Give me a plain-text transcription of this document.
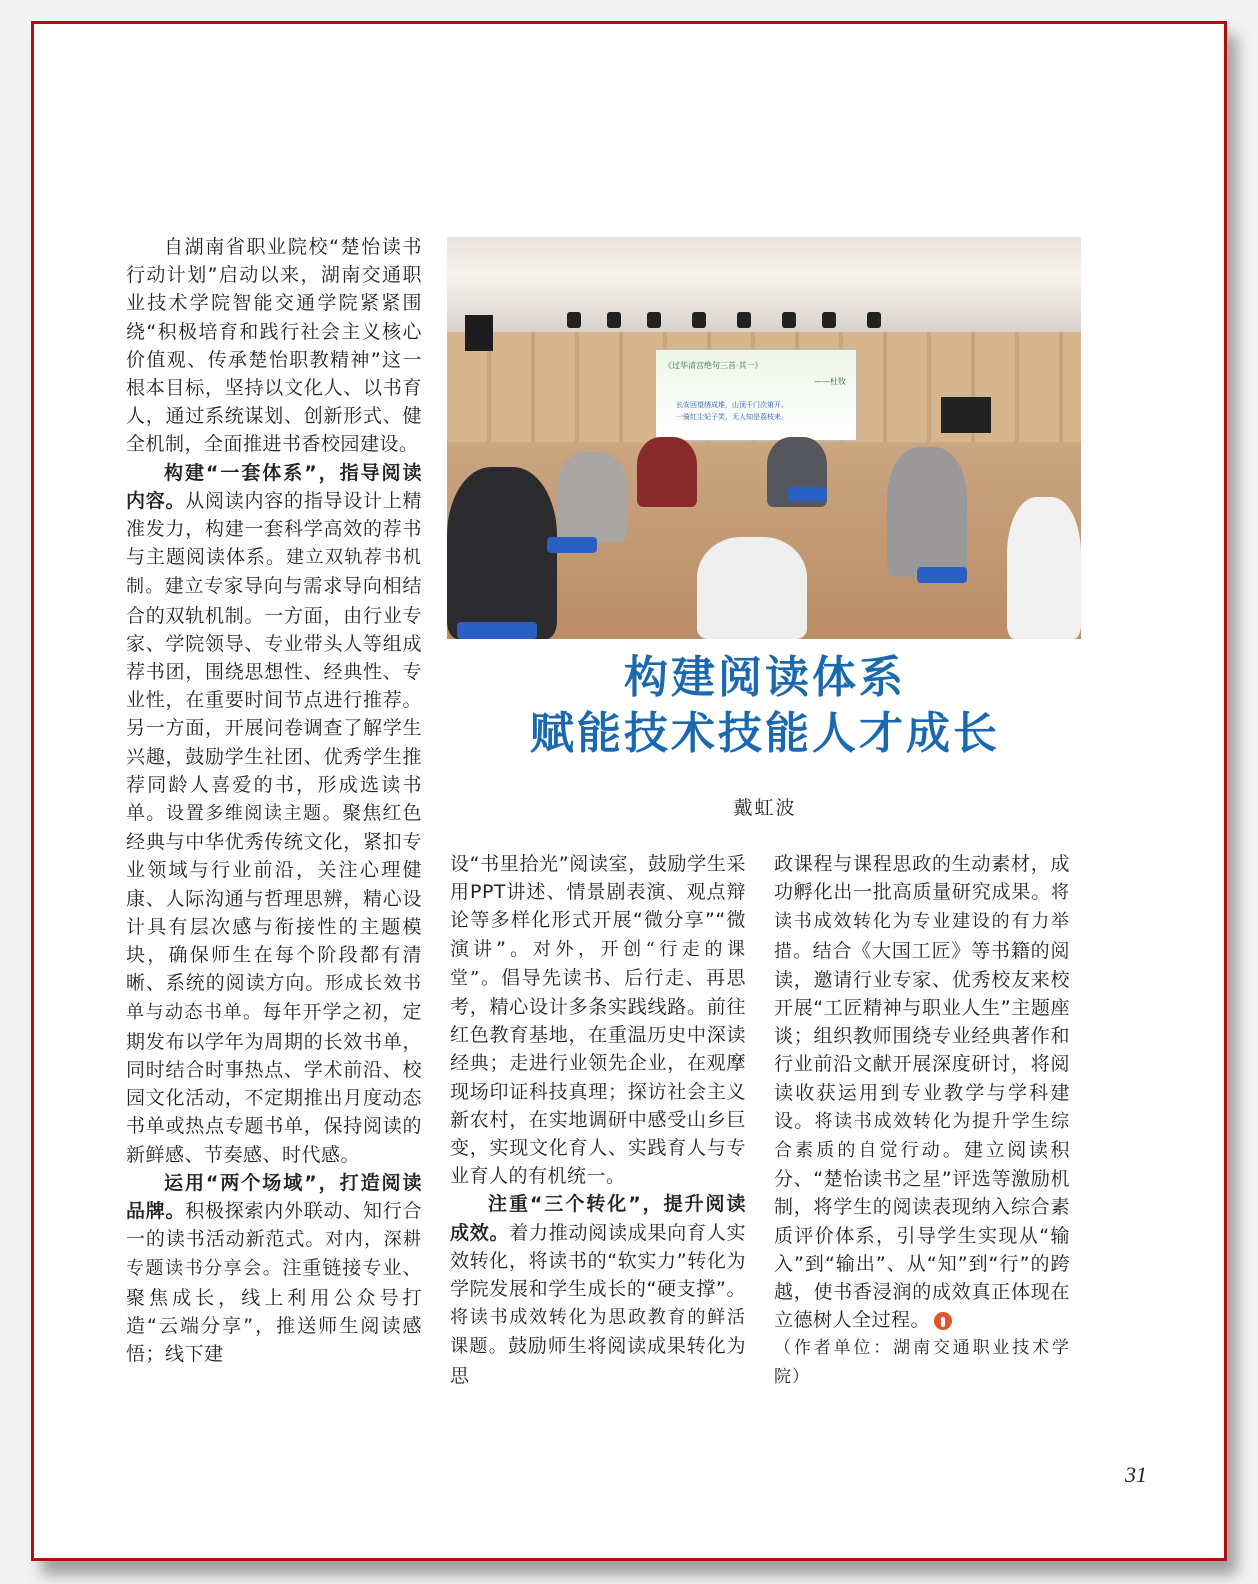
《过华清宫绝句三首·其一》
——杜牧
长安回望绣成堆，山顶千门次第开。
一骑红尘妃子笑，无人知是荔枝来。
构建阅读体系
赋能技术技能人才成长
戴虹波

自湖南省职业院校“楚怡读书行动计划”启动以来，湖南交通职业技术学院智能交通学院紧紧围绕“积极培育和践行社会主义核心价值观、传承楚怡职教精神”这一根本目标，坚持以文化人、以书育人，通过系统谋划、创新形式、健全机制，全面推进书香校园建设。

构建“一套体系”，指导阅读内容。从阅读内容的指导设计上精准发力，构建一套科学高效的荐书与主题阅读体系。建立双轨荐书机制。建立专家导向与需求导向相结合的双轨机制。一方面，由行业专家、学院领导、专业带头人等组成荐书团，围绕思想性、经典性、专业性，在重要时间节点进行推荐。另一方面，开展问卷调查了解学生兴趣，鼓励学生社团、优秀学生推荐同龄人喜爱的书，形成选读书单。设置多维阅读主题。聚焦红色经典与中华优秀传统文化，紧扣专业领域与行业前沿，关注心理健康、人际沟通与哲理思辨，精心设计具有层次感与衔接性的主题模块，确保师生在每个阶段都有清晰、系统的阅读方向。形成长效书单与动态书单。每年开学之初，定期发布以学年为周期的长效书单，同时结合时事热点、学术前沿、校园文化活动，不定期推出月度动态书单或热点专题书单，保持阅读的新鲜感、节奏感、时代感。

运用“两个场域”，打造阅读品牌。积极探索内外联动、知行合一的读书活动新范式。对内，深耕专题读书分享会。注重链接专业、聚焦成长，线上利用公众号打造“云端分享”，推送师生阅读感悟；线下建

设“书里拾光”阅读室，鼓励学生采用PPT讲述、情景剧表演、观点辩论等多样化形式开展“微分享”“微演讲”。对外，开创“行走的课堂”。倡导先读书、后行走、再思考，精心设计多条实践线路。前往红色教育基地，在重温历史中深读经典；走进行业领先企业，在观摩现场印证科技真理；探访社会主义新农村，在实地调研中感受山乡巨变，实现文化育人、实践育人与专业育人的有机统一。

注重“三个转化”，提升阅读成效。着力推动阅读成果向育人实效转化，将读书的“软实力”转化为学院发展和学生成长的“硬支撑”。将读书成效转化为思政教育的鲜活课题。鼓励师生将阅读成果转化为思

政课程与课程思政的生动素材，成功孵化出一批高质量研究成果。将读书成效转化为专业建设的有力举措。结合《大国工匠》等书籍的阅读，邀请行业专家、优秀校友来校开展“工匠精神与职业人生”主题座谈；组织教师围绕专业经典著作和行业前沿文献开展深度研讨，将阅读收获运用到专业教学与学科建设。将读书成效转化为提升学生综合素质的自觉行动。建立阅读积分、“楚怡读书之星”评选等激励机制，将学生的阅读表现纳入综合素质评价体系，引导学生实现从“输入”到“输出”、从“知”到“行”的跨越，使书香浸润的成效真正体现在立德树人全过程。

（作者单位：湖南交通职业技术学院）

31
